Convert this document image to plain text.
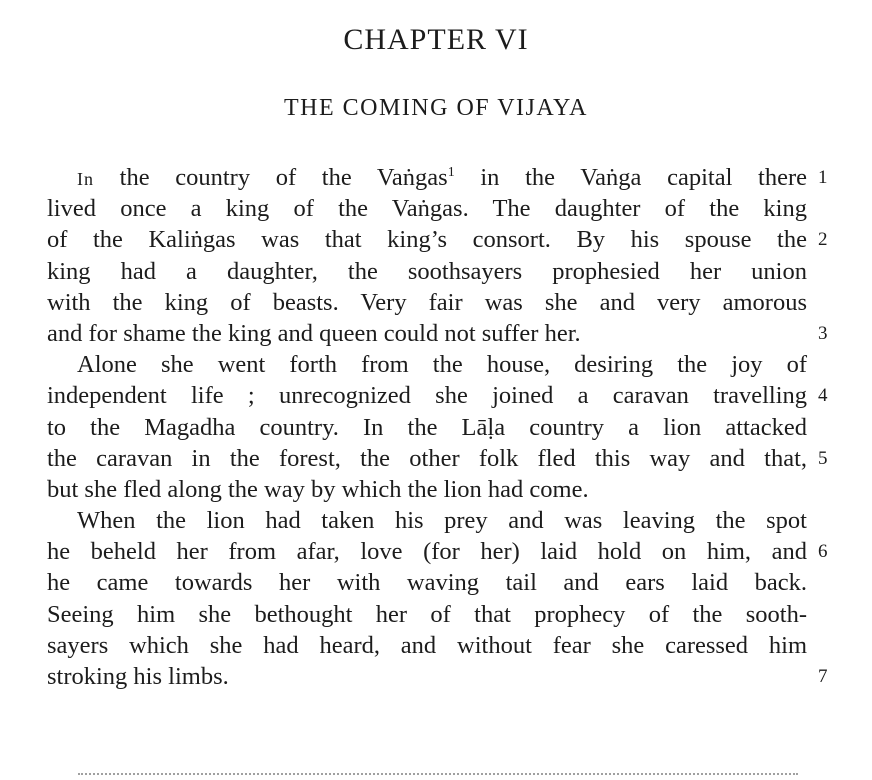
CHAPTER VI
THE COMING OF VIJAYA
In the country of the Vaṅgas$^1$ in the Vaṅga capital there
lived once a king of the Vaṅgas. The daughter of the king
of the Kaliṅgas was that king’s consort. By his spouse the
king had a daughter, the soothsayers prophesied her union
with the king of beasts. Very fair was she and very amorous
and for shame the king and queen could not suffer her.
Alone she went forth from the house, desiring the joy of
independent life ; unrecognized she joined a caravan travelling
to the Magadha country. In the Lāḷa country a lion attacked
the caravan in the forest, the other folk fled this way and that,
but she fled along the way by which the lion had come.
When the lion had taken his prey and was leaving the spot
he beheld her from afar, love (for her) laid hold on him, and
he came towards her with waving tail and ears laid back.
Seeing him she bethought her of that prophecy of the sooth-
sayers which she had heard, and without fear she caressed him
stroking his limbs.
1
2
3
4
5
6
7
